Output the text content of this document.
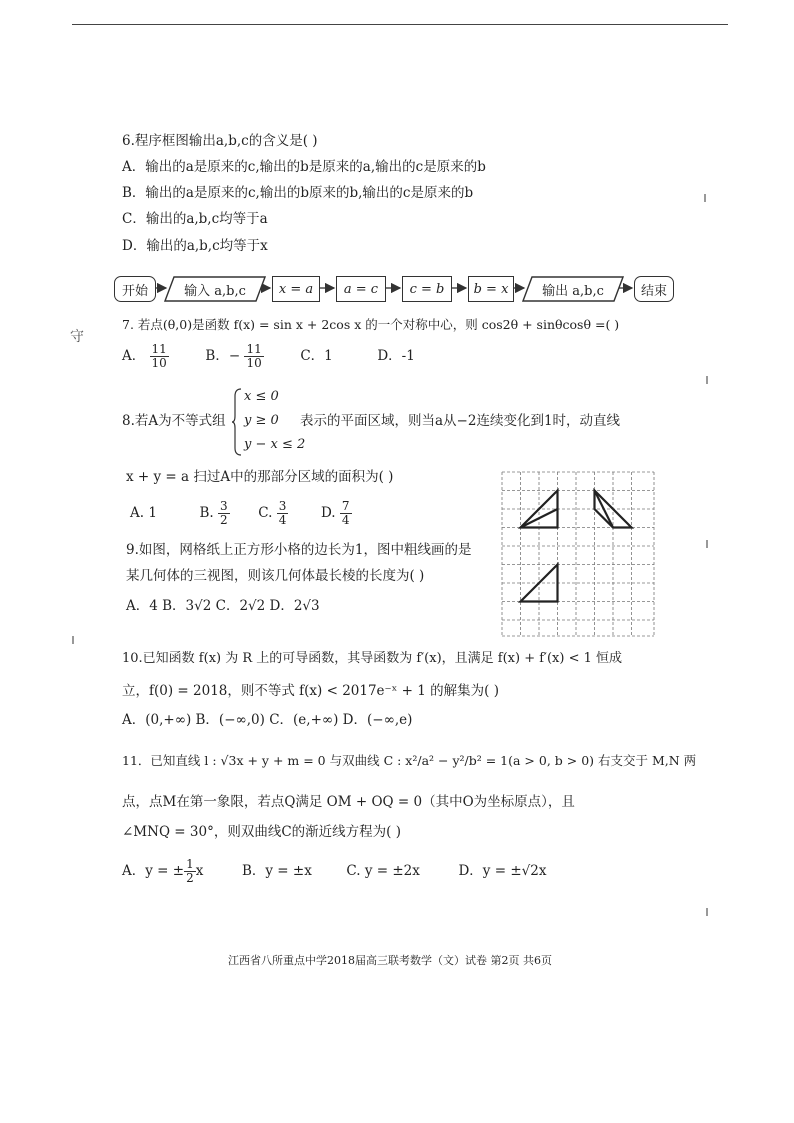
6.程序框图输出a,b,c的含义是( )
A．输出的a是原来的c,输出的b是原来的a,输出的c是原来的b
B．输出的a是原来的c,输出的b原来的b,输出的c是原来的b
C．输出的a,b,c均等于a
D．输出的a,b,c均等于x
开始	输入 a,b,c	x = a	a = c	c = b	b = x	输出 a,b,c	结束
7. 若点(θ,0)是函数 f(x) = sin x + 2cos x 的一个对称中心，则 cos2θ + sinθcosθ =( )
A． $\frac{11}{10}$	B．− $\frac{11}{10}$	C．1	D．-1
8.若A为不等式组
x ≤ 0
y ≥ 0
y − x ≤ 2
表示的平面区域，则当a从−2连续变化到1时，动直线
x + y = a 扫过A中的那部分区域的面积为( )
A. 1	B. $\frac{3}{2} C$. $\frac{3}{4} D$. $\frac{7}{4}$
9.如图，网格纸上正方形小格的边长为1，图中粗线画的是
某几何体的三视图，则该几何体最长棱的长度为( )
A．4 B．3√2 C．2√2 D．2√3
10.已知函数 f(x) 为 R 上的可导函数，其导函数为 f′(x)，且满足 f(x) + f′(x) < 1 恒成
立，f(0) = 2018，则不等式 f(x) < 2017e⁻ˣ + 1 的解集为( )
A．(0,+∞) B．(−∞,0) C．(e,+∞) D．(−∞,e)
11．已知直线 l : √3x + y + m = 0 与双曲线 C : x²/a² − y²/b² = 1(a > 0, b > 0) 右支交于 M,N 两
点，点M在第一象限，若点Q满足 OM + OQ = 0（其中O为坐标原点），且
∠MNQ = 30°，则双曲线C的渐近线方程为( )
A．y = ± $\frac{1}{2}$ x	B．y = ±x	C. y = ±2x	D．y = ±√2x
江西省八所重点中学2018届高三联考数学（文）试卷 第2页 共6页
守
